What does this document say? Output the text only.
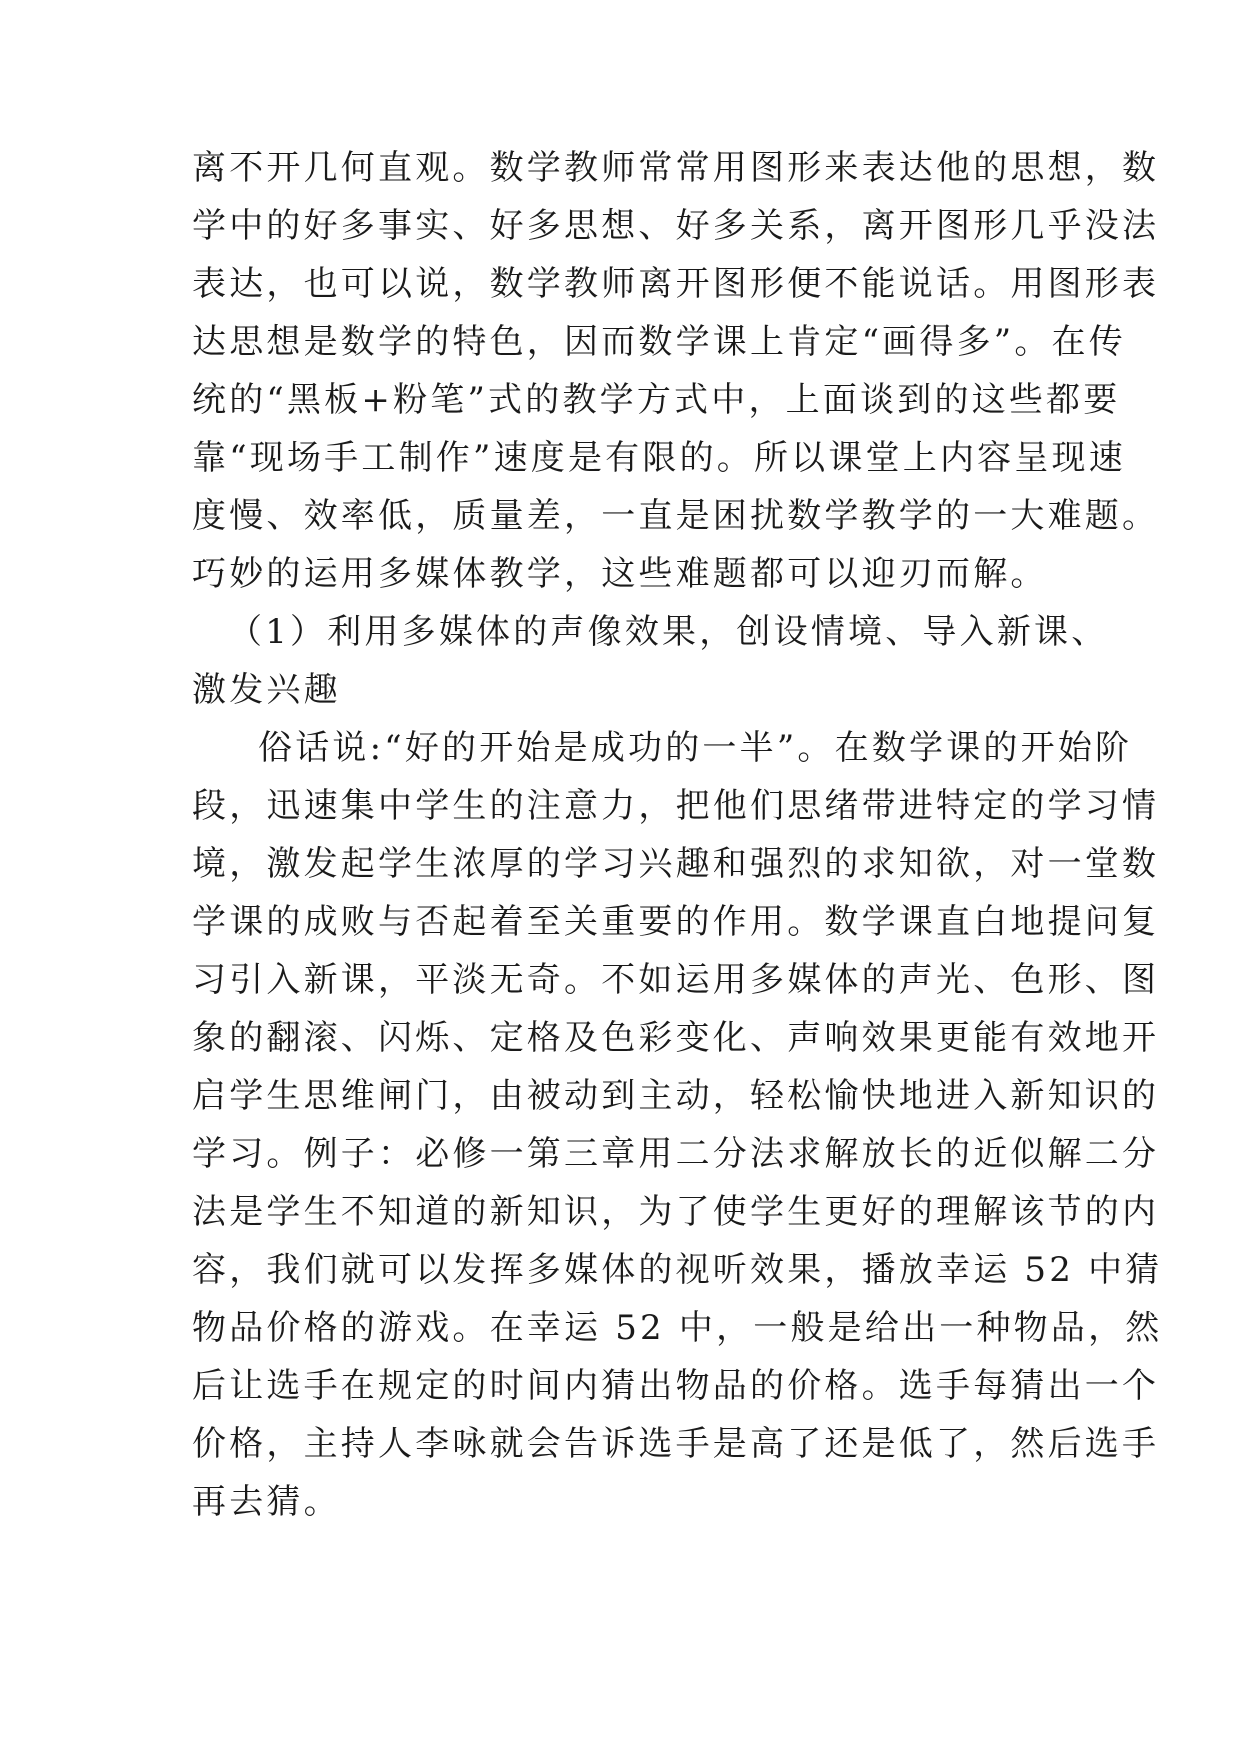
离不开几何直观。数学教师常常用图形来表达他的思想，数
学中的好多事实、好多思想、好多关系，离开图形几乎没法
表达，也可以说，数学教师离开图形便不能说话。用图形表
达思想是数学的特色，因而数学课上肯定“画得多”。在传
统的“黑板+粉笔”式的教学方式中，上面谈到的这些都要
靠“现场手工制作”速度是有限的。所以课堂上内容呈现速
度慢、效率低，质量差，一直是困扰数学教学的一大难题。
巧妙的运用多媒体教学，这些难题都可以迎刃而解。
（1）利用多媒体的声像效果，创设情境、导入新课、
激发兴趣
俗话说:“好的开始是成功的一半”。在数学课的开始阶
段，迅速集中学生的注意力，把他们思绪带进特定的学习情
境，激发起学生浓厚的学习兴趣和强烈的求知欲，对一堂数
学课的成败与否起着至关重要的作用。数学课直白地提问复
习引入新课，平淡无奇。不如运用多媒体的声光、色形、图
象的翻滚、闪烁、定格及色彩变化、声响效果更能有效地开
启学生思维闸门，由被动到主动，轻松愉快地进入新知识的
学习。例子：必修一第三章用二分法求解放长的近似解二分
法是学生不知道的新知识，为了使学生更好的理解该节的内
容，我们就可以发挥多媒体的视听效果，播放幸运 52 中猜
物品价格的游戏。在幸运 52 中，一般是给出一种物品，然
后让选手在规定的时间内猜出物品的价格。选手每猜出一个
价格，主持人李咏就会告诉选手是高了还是低了，然后选手
再去猜。
